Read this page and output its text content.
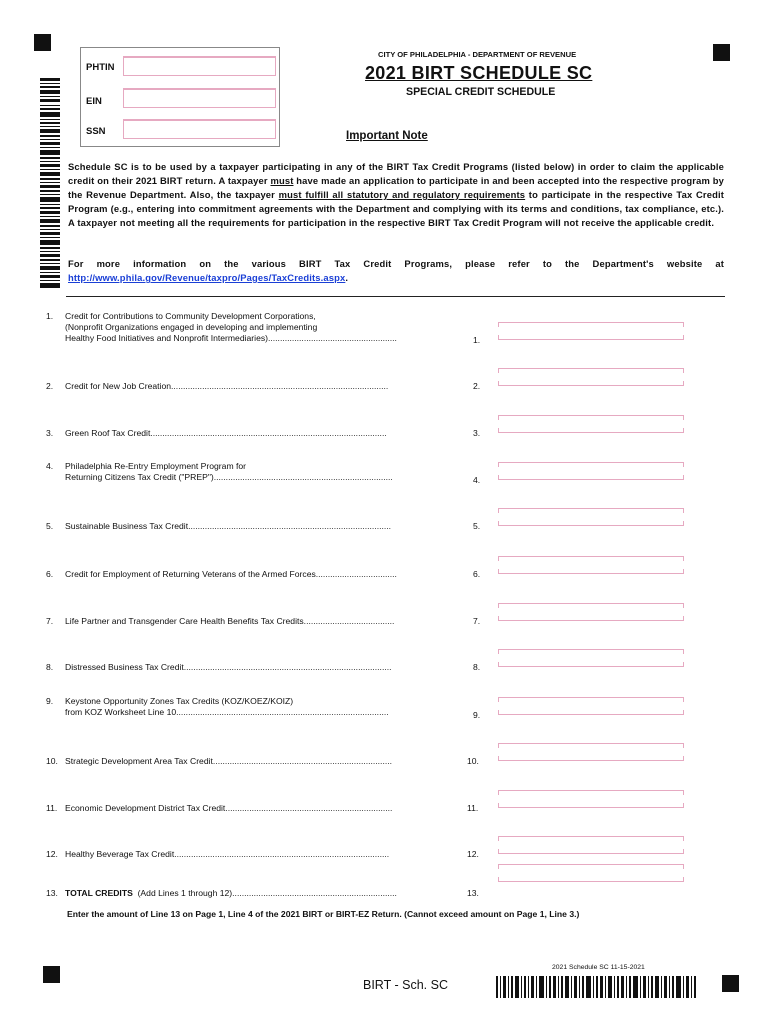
PHTIN
EIN
SSN
CITY OF PHILADELPHIA - DEPARTMENT OF REVENUE
2021 BIRT SCHEDULE SC
SPECIAL CREDIT SCHEDULE
Important Note
Schedule SC is to be used by a taxpayer participating in any of the BIRT Tax Credit Programs (listed below) in order to claim the applicable credit on their 2021 BIRT return. A taxpayer must have made an application to participate in and been accepted into the respective program by the Revenue Department. Also, the taxpayer must fulfill all statutory and regulatory requirements to participate in the respective Tax Credit Program (e.g., entering into commitment agreements with the Department and complying with its terms and conditions, tax compliance, etc.). A taxpayer not meeting all the requirements for participation in the respective BIRT Tax Credit Program will not receive the applicable credit.
For more information on the various BIRT Tax Credit Programs, please refer to the Department's website at http://www.phila.gov/Revenue/taxpro/Pages/TaxCredits.aspx.
1. Credit for Contributions to Community Development Corporations,
(Nonprofit Organizations engaged in developing and implementing
Healthy Food Initiatives and Nonprofit Intermediaries)......................................................	1.
2. Credit for New Job Creation...........................................................................................	2.
3. Green Roof Tax Credit...................................................................................................	3.
4. Philadelphia Re-Entry Employment Program for
Returning Citizens Tax Credit ("PREP")...........................................................................	4.
5. Sustainable Business Tax Credit.....................................................................................	5.
6. Credit for Employment of Returning Veterans of the Armed Forces..................................	6.
7. Life Partner and Transgender Care Health Benefits Tax Credits......................................	7.
8. Distressed Business Tax Credit.......................................................................................	8.
9. Keystone Opportunity Zones Tax Credits (KOZ/KOEZ/KOIZ)
from KOZ Worksheet Line 10.........................................................................................	9.
10. Strategic Development Area Tax Credit...........................................................................	10.
11. Economic Development District Tax Credit......................................................................	11.
12. Healthy Beverage Tax Credit..........................................................................................	12.
13. TOTAL CREDITS  (Add Lines 1 through 12).....................................................................	13.
Enter the amount of Line 13 on Page 1, Line 4 of the 2021 BIRT or BIRT-EZ Return. (Cannot exceed amount on Page 1, Line 3.)
2021 Schedule SC 11-15-2021
BIRT - Sch. SC
